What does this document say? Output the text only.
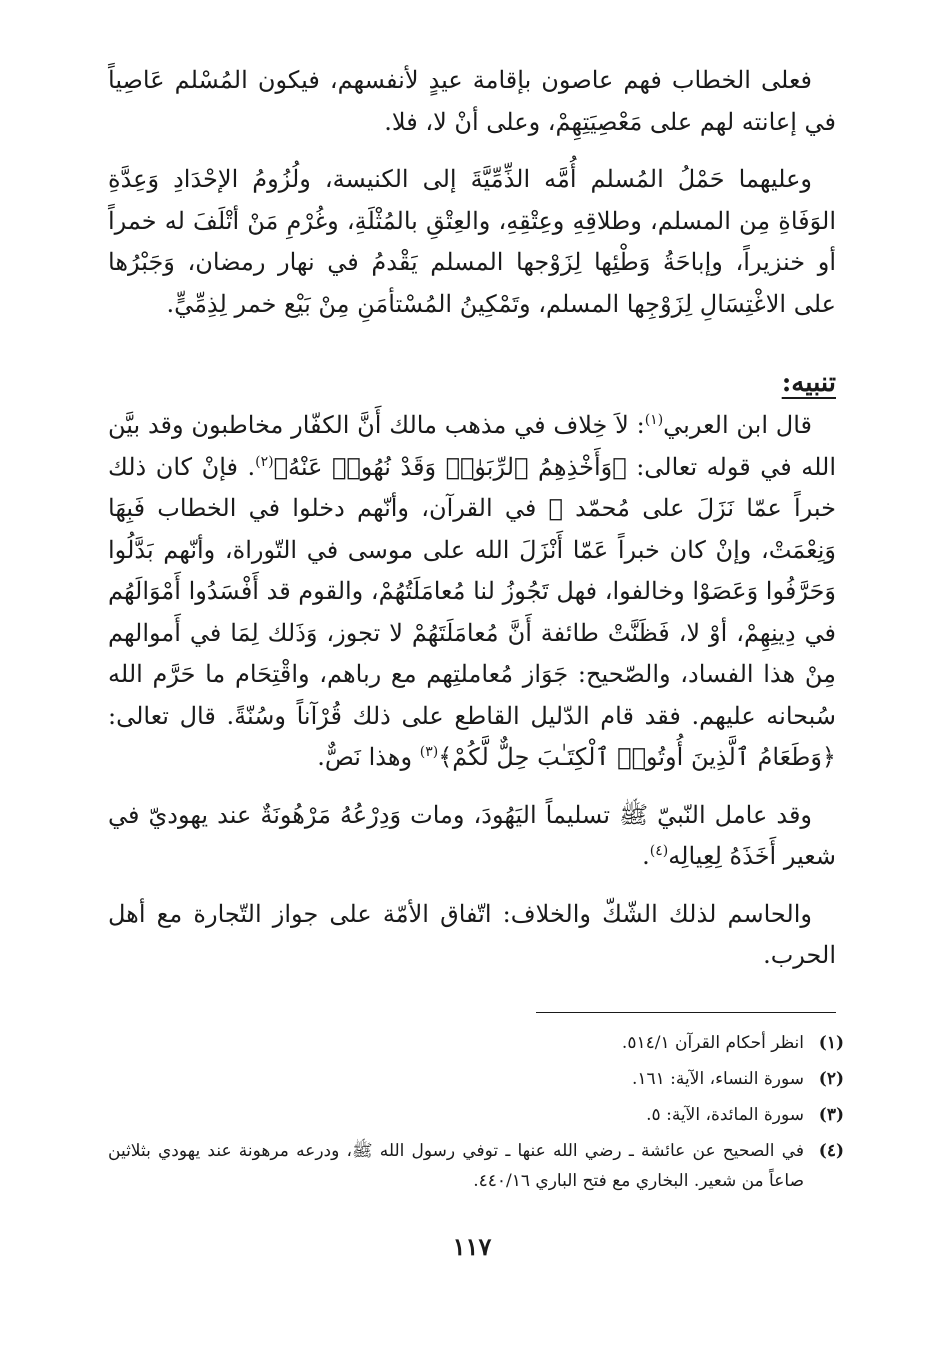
فعلى الخطاب فهم عاصون بإقامة عيدٍ لأنفسهم، فيكون المُسْلم عَاصِياً في إعانته لهم على مَعْصِيَتِهِمْ، وعلى أنْ لا، فلا.

وعليهما حَمْلُ المُسلم أُمَّه الذِّمِّيَّةَ إلى الكنيسة، ولُزُومُ الإحْدَادِ وَعِدَّةِ الوَفَاةِ مِن المسلم، وطلاقِهِ وعِتْقِهِ، والعِتْقِ بالمُثْلَةِ، وغُرْمِ مَنْ أتْلَفَ له خمراً أو خنزيراً، وإباحَةُ وَطْئِها لِزَوْجها المسلم يَقْدمُ في نهار رمضان، وَجَبْرُها على الاغْتِسَالِ لِزَوْجِها المسلم، وتَمْكِينُ المُسْتأمَنِ مِنْ بَيْع خمر لِذِمِّيٍّ.

تنبيه:

قال ابن العربي$^{(١)}$: لاَ خِلاف في مذهب مالك أَنَّ الكفّار مخاطبون وقد بيَّن الله في قوله تعالى: ﴿وَأَخْذِهِمُ ٱلرِّبَوٰا۟ وَقَدْ نُهُوا۟ عَنْهُ﴾$^{(٢)}$. فإنْ كان ذلك خبراً عمّا نَزَلَ على مُحمّد ﷺ في القرآن، وأنّهم دخلوا في الخطاب فَبِهَا وَنِعْمَتْ، وإنْ كان خبراً عَمّا أَنْزَلَ الله على موسى في التّوراة، وأنّهم بَدَّلُوا وَحَرَّفُوا وَعَصَوْا وخالفوا، فهل تَجُوزُ لنا مُعامَلَتُهُمْ، والقوم قد أَفْسَدُوا أَمْوَالَهُم في دِينِهِمْ، أوْ لا، فَظَنَّتْ طائفة أَنَّ مُعامَلَتَهُمْ لا تجوز، وَذَلك لِمَا في أَموالهم مِنْ هذا الفساد، والصّحيح: جَوَاز مُعاملتِهم مع رباهم، واقْتِحَام ما حَرَّم الله سُبحانه عليهم. فقد قام الدّليل القاطع على ذلك قُرْآناً وسُنّةً. قال تعالى: ﴿وَطَعَامُ ٱلَّذِينَ أُوتُوا۟ ٱلْكِتَـٰبَ حِلٌّ لَّكُمْ﴾$^{(٣)}$ وهذا نَصٌّ.

وقد عامل النّبيّ ﷺ تسليماً اليَهُودَ، ومات وَدِرْعُهُ مَرْهُونَةٌ عند يهوديّ في شعير أَخَذَهُ لِعِيالِه$^{(٤)}$.

والحاسم لذلك الشّكّ والخلاف: اتّفاق الأمّة على جواز التّجارة مع أهل الحرب.

(١)
انظر أحكام القرآن ٥١٤/١.
(٢)
سورة النساء، الآية: ١٦١.
(٣)
سورة المائدة، الآية: ٥.
(٤)
في الصحيح عن عائشة ـ رضي الله عنها ـ توفي رسول الله ﷺ، ودرعه مرهونة عند يهودي بثلاثين صاعاً من شعير. البخاري مع فتح الباري ٤٤٠/١٦.
١١٧
